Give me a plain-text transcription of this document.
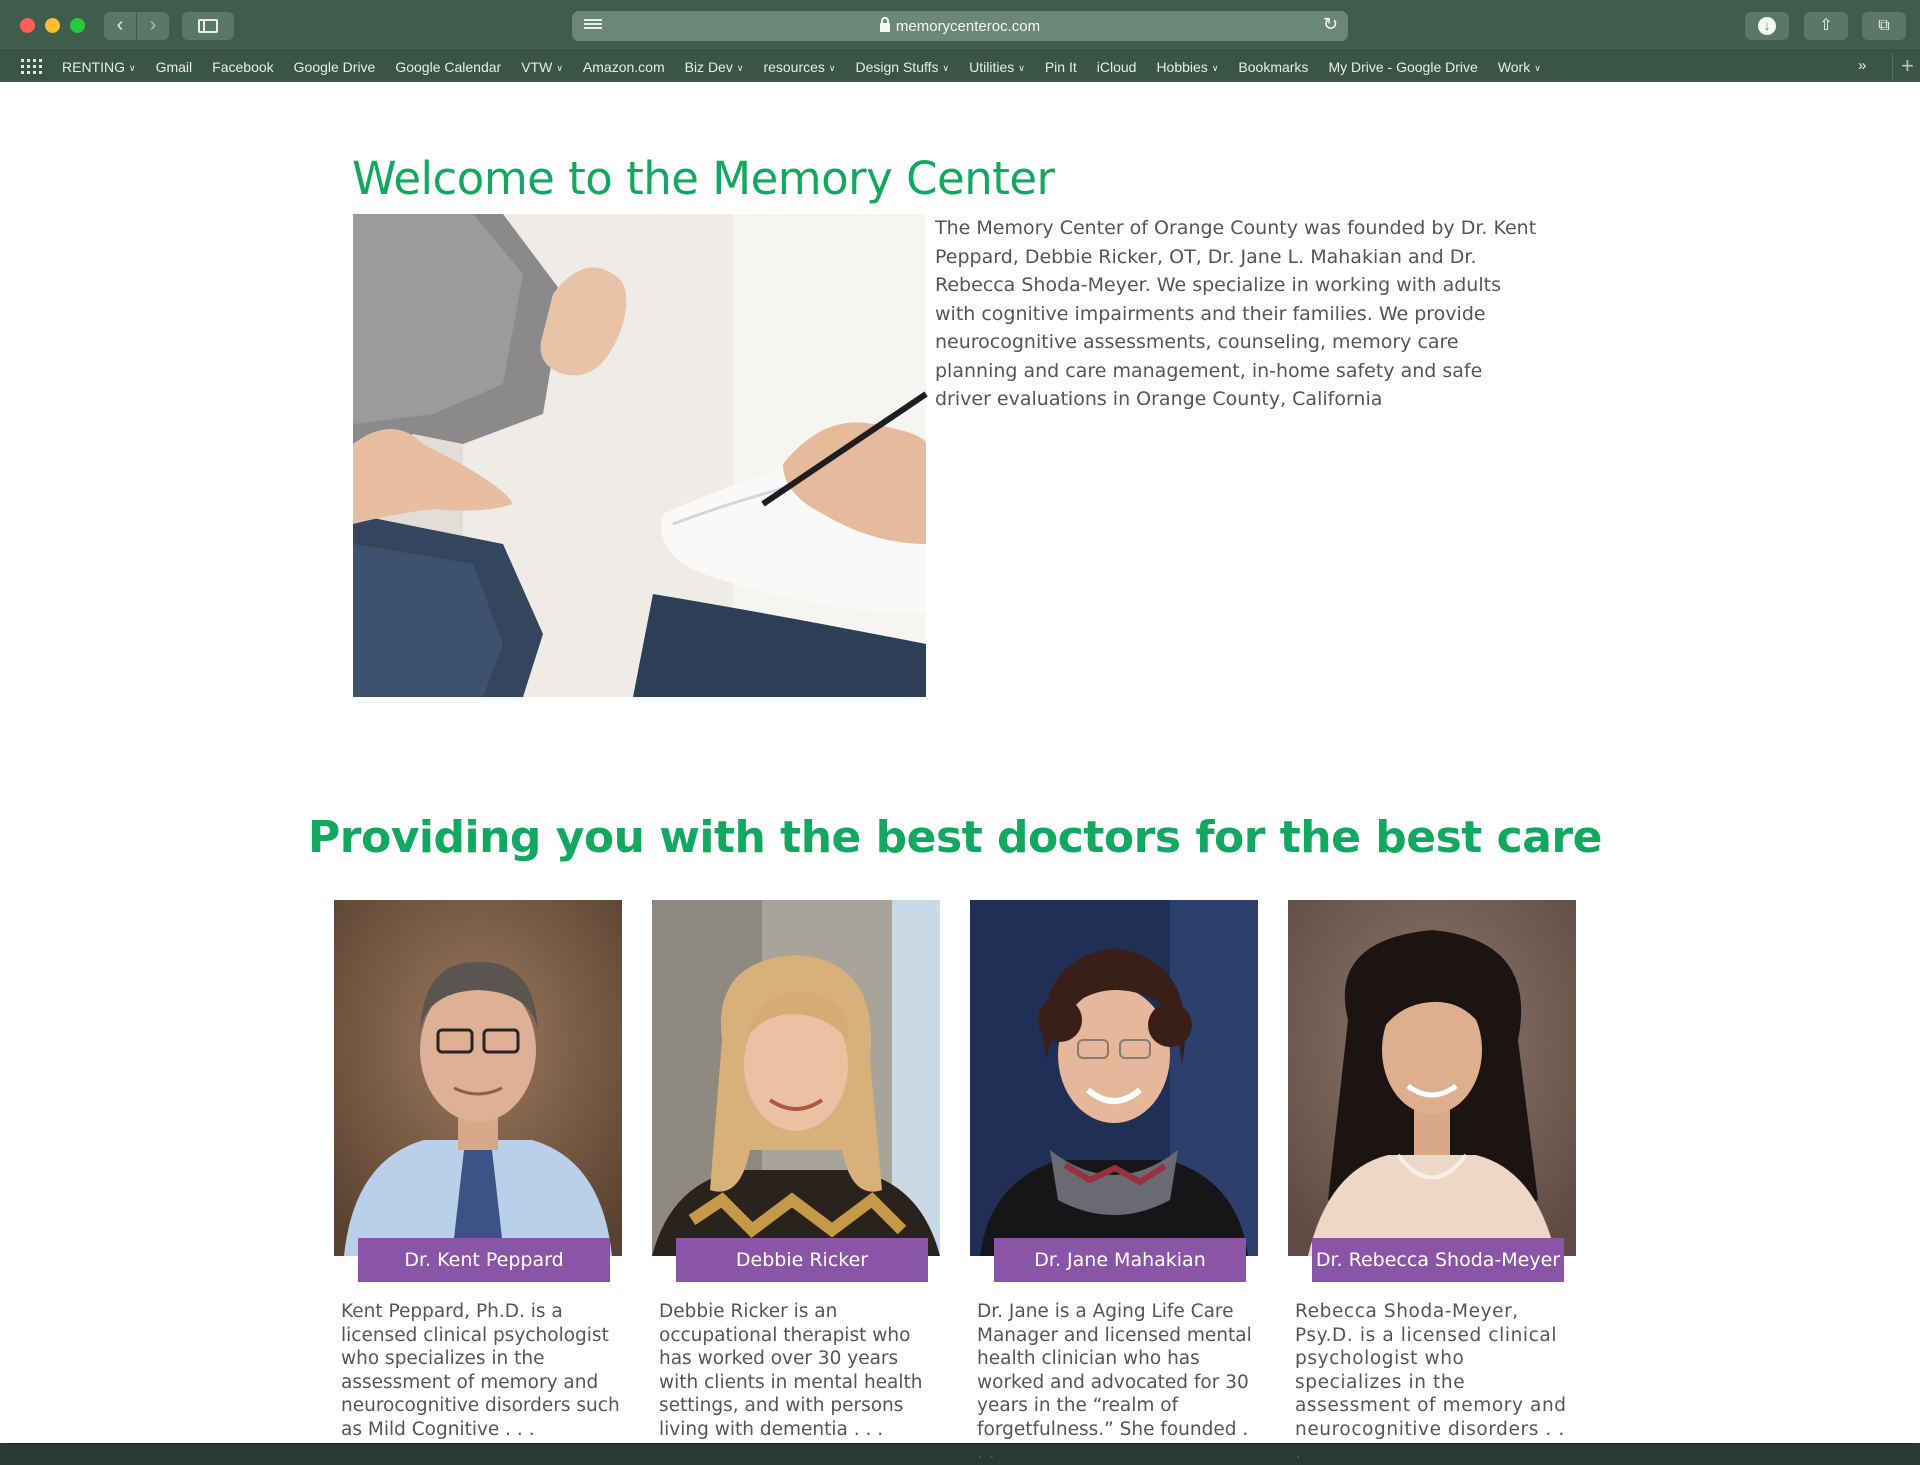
‹	›	memorycenteroc.com	↻	↓	⇧	⧉
RENTING ∨ Gmail Facebook Google Drive Google Calendar VTW ∨ Amazon.com Biz Dev ∨ resources ∨ Design Stuffs ∨ Utilities ∨ Pin It iCloud Hobbies ∨ Bookmarks My Drive - Google Drive Work ∨	»	+
Welcome to the Memory Center

The Memory Center of Orange County was founded by Dr. Kent Peppard, Debbie Ricker, OT, Dr. Jane L. Mahakian and Dr. Rebecca Shoda-Meyer. We specialize in working with adults with cognitive impairments and their families. We provide neurocognitive assessments, counseling, memory care planning and care management, in-home safety and safe driver evaluations in Orange County, California

Providing you with the best doctors for the best care
Dr. Kent Peppard

Kent Peppard, Ph.D. is a licensed clinical psychologist who specializes in the assessment of memory and neurocognitive disorders such as Mild Cognitive . . .

Debbie Ricker

Debbie Ricker is an occupational therapist who has worked over 30 years with clients in mental health settings, and with persons living with dementia . . .

Dr. Jane Mahakian

Dr. Jane is a Aging Life Care Manager and licensed mental health clinician who has worked and advocated for 30 years in the “realm of forgetfulness.” She founded . . .

Dr. Rebecca Shoda-Meyer

Rebecca Shoda-Meyer, Psy.D. is a licensed clinical psychologist who specializes in the assessment of memory and neurocognitive disorders . . .
